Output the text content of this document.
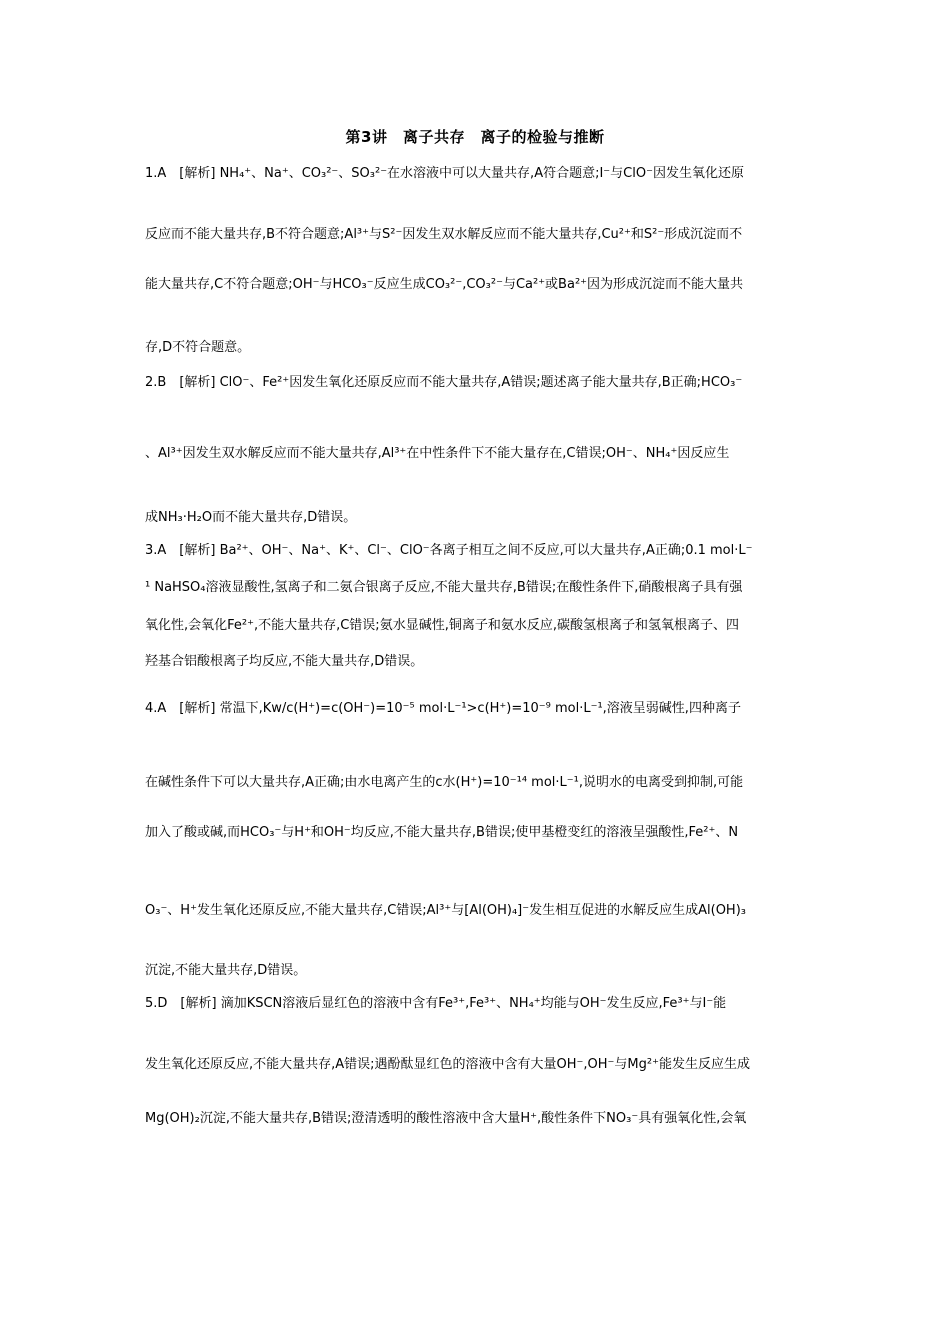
第3讲　离子共存　离子的检验与推断
1.A　[解析] NH₄⁺、Na⁺、CO₃²⁻、SO₃²⁻在水溶液中可以大量共存,A符合题意;I⁻与ClO⁻因发生氧化还原
反应而不能大量共存,B不符合题意;Al³⁺与S²⁻因发生双水解反应而不能大量共存,Cu²⁺和S²⁻形成沉淀而不
能大量共存,C不符合题意;OH⁻与HCO₃⁻反应生成CO₃²⁻,CO₃²⁻与Ca²⁺或Ba²⁺因为形成沉淀而不能大量共
存,D不符合题意。
2.B　[解析] ClO⁻、Fe²⁺因发生氧化还原反应而不能大量共存,A错误;题述离子能大量共存,B正确;HCO₃⁻
、Al³⁺因发生双水解反应而不能大量共存,Al³⁺在中性条件下不能大量存在,C错误;OH⁻、NH₄⁺因反应生
成NH₃·H₂O而不能大量共存,D错误。
3.A　[解析] Ba²⁺、OH⁻、Na⁺、K⁺、Cl⁻、ClO⁻各离子相互之间不反应,可以大量共存,A正确;0.1 mol·L⁻
¹ NaHSO₄溶液显酸性,氢离子和二氨合银离子反应,不能大量共存,B错误;在酸性条件下,硝酸根离子具有强
氧化性,会氧化Fe²⁺,不能大量共存,C错误;氨水显碱性,铜离子和氨水反应,碳酸氢根离子和氢氧根离子、四
羟基合铝酸根离子均反应,不能大量共存,D错误。
4.A　[解析] 常温下,Kw/c(H⁺)=c(OH⁻)=10⁻⁵ mol·L⁻¹>c(H⁺)=10⁻⁹ mol·L⁻¹,溶液呈弱碱性,四种离子
在碱性条件下可以大量共存,A正确;由水电离产生的c水(H⁺)=10⁻¹⁴ mol·L⁻¹,说明水的电离受到抑制,可能
加入了酸或碱,而HCO₃⁻与H⁺和OH⁻均反应,不能大量共存,B错误;使甲基橙变红的溶液呈强酸性,Fe²⁺、N
O₃⁻、H⁺发生氧化还原反应,不能大量共存,C错误;Al³⁺与[Al(OH)₄]⁻发生相互促进的水解反应生成Al(OH)₃
沉淀,不能大量共存,D错误。
5.D　[解析] 滴加KSCN溶液后显红色的溶液中含有Fe³⁺,Fe³⁺、NH₄⁺均能与OH⁻发生反应,Fe³⁺与I⁻能
发生氧化还原反应,不能大量共存,A错误;遇酚酞显红色的溶液中含有大量OH⁻,OH⁻与Mg²⁺能发生反应生成
Mg(OH)₂沉淀,不能大量共存,B错误;澄清透明的酸性溶液中含大量H⁺,酸性条件下NO₃⁻具有强氧化性,会氧
